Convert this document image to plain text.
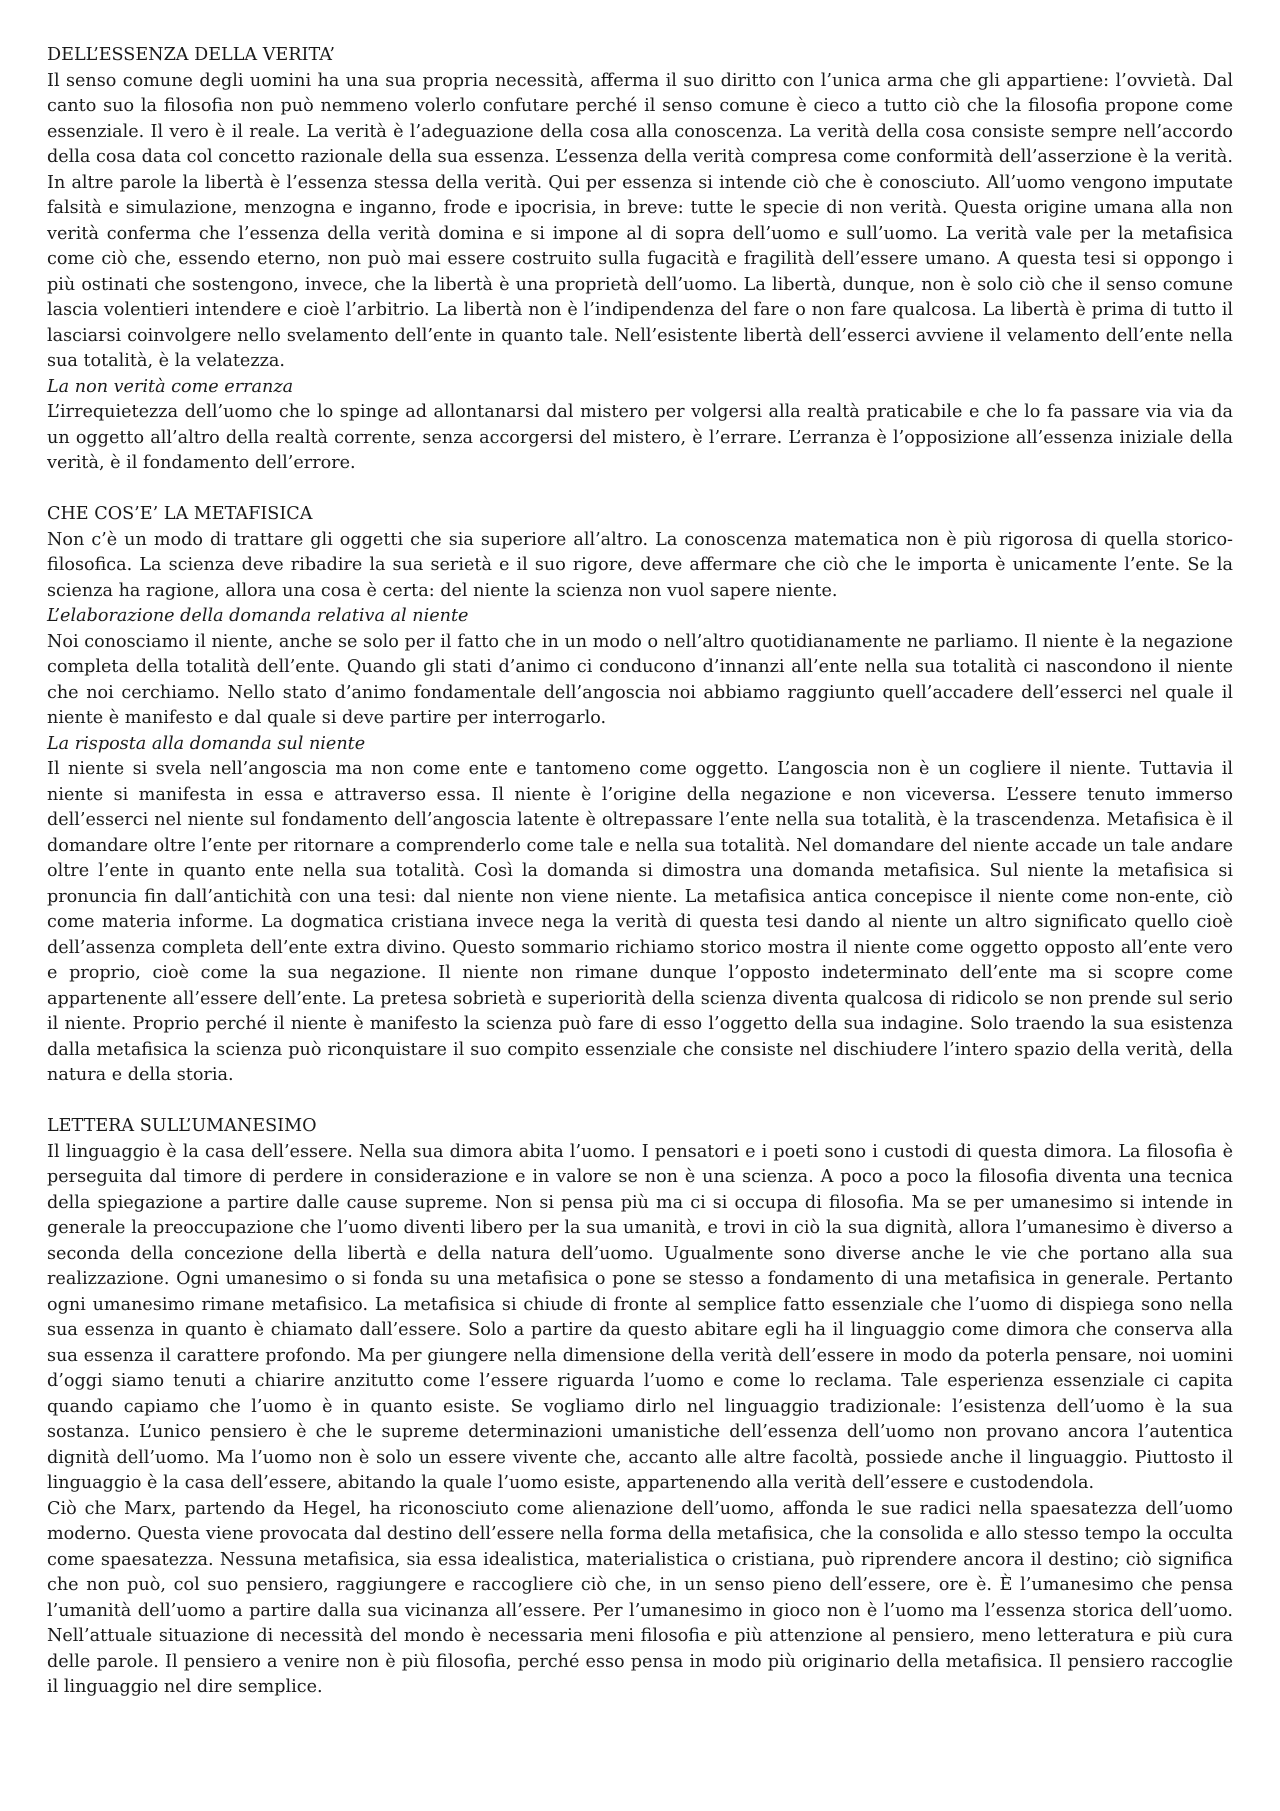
DELL’ESSENZA DELLA VERITA’

Il senso comune degli uomini ha una sua propria necessità, afferma il suo diritto con l’unica arma che gli appartiene: l’ovvietà. Dal canto suo la filosofia non può nemmeno volerlo confutare perché il senso comune è cieco a tutto ciò che la filosofia propone come essenziale. Il vero è il reale. La verità è l’adeguazione della cosa alla conoscenza. La verità della cosa consiste sempre nell’accordo della cosa data col concetto razionale della sua essenza. L’essenza della verità compresa come conformità dell’asserzione è la verità. In altre parole la libertà è l’essenza stessa della verità. Qui per essenza si intende ciò che è conosciuto. All’uomo vengono imputate falsità e simulazione, menzogna e inganno, frode e ipocrisia, in breve: tutte le specie di non verità. Questa origine umana alla non verità conferma che l’essenza della verità domina e si impone al di sopra dell’uomo e sull’uomo. La verità vale per la metafisica come ciò che, essendo eterno, non può mai essere costruito sulla fugacità e fragilità dell’essere umano. A questa tesi si oppongo i più ostinati che sostengono, invece, che la libertà è una proprietà dell’uomo. La libertà, dunque, non è solo ciò che il senso comune lascia volentieri intendere e cioè l’arbitrio. La libertà non è l’indipendenza del fare o non fare qualcosa. La libertà è prima di tutto il lasciarsi coinvolgere nello svelamento dell’ente in quanto tale. Nell’esistente libertà dell’esserci avviene il velamento dell’ente nella sua totalità, è la velatezza.

La non verità come erranza

L’irrequietezza dell’uomo che lo spinge ad allontanarsi dal mistero per volgersi alla realtà praticabile e che lo fa passare via via da un oggetto all’altro della realtà corrente, senza accorgersi del mistero, è l’errare. L’erranza è l’opposizione all’essenza iniziale della verità, è il fondamento dell’errore.

CHE COS’E’ LA METAFISICA

Non c’è un modo di trattare gli oggetti che sia superiore all’altro. La conoscenza matematica non è più rigorosa di quella storico-filosofica. La scienza deve ribadire la sua serietà e il suo rigore, deve affermare che ciò che le importa è unicamente l’ente. Se la scienza ha ragione, allora una cosa è certa: del niente la scienza non vuol sapere niente.

L’elaborazione della domanda relativa al niente

Noi conosciamo il niente, anche se solo per il fatto che in un modo o nell’altro quotidianamente ne parliamo. Il niente è la negazione completa della totalità dell’ente. Quando gli stati d’animo ci conducono d’innanzi all’ente nella sua totalità ci nascondono il niente che noi cerchiamo. Nello stato d’animo fondamentale dell’angoscia noi abbiamo raggiunto quell’accadere dell’esserci nel quale il niente è manifesto e dal quale si deve partire per interrogarlo.

La risposta alla domanda sul niente

Il niente si svela nell’angoscia ma non come ente e tantomeno come oggetto. L’angoscia non è un cogliere il niente. Tuttavia il niente si manifesta in essa e attraverso essa. Il niente è l’origine della negazione e non viceversa. L’essere tenuto immerso dell’esserci nel niente sul fondamento dell’angoscia latente è oltrepassare l’ente nella sua totalità, è la trascendenza. Metafisica è il domandare oltre l’ente per ritornare a comprenderlo come tale e nella sua totalità. Nel domandare del niente accade un tale andare oltre l’ente in quanto ente nella sua totalità. Così la domanda si dimostra una domanda metafisica. Sul niente la metafisica si pronuncia fin dall’antichità con una tesi: dal niente non viene niente. La metafisica antica concepisce il niente come non-ente, ciò come materia informe. La dogmatica cristiana invece nega la verità di questa tesi dando al niente un altro significato quello cioè dell’assenza completa dell’ente extra divino. Questo sommario richiamo storico mostra il niente come oggetto opposto all’ente vero e proprio, cioè come la sua negazione. Il niente non rimane dunque l’opposto indeterminato dell’ente ma si scopre come appartenente all’essere dell’ente. La pretesa sobrietà e superiorità della scienza diventa qualcosa di ridicolo se non prende sul serio il niente. Proprio perché il niente è manifesto la scienza può fare di esso l’oggetto della sua indagine. Solo traendo la sua esistenza dalla metafisica la scienza può riconquistare il suo compito essenziale che consiste nel dischiudere l’intero spazio della verità, della natura e della storia.

LETTERA SULL’UMANESIMO

Il linguaggio è la casa dell’essere. Nella sua dimora abita l’uomo. I pensatori e i poeti sono i custodi di questa dimora. La filosofia è perseguita dal timore di perdere in considerazione e in valore se non è una scienza. A poco a poco la filosofia diventa una tecnica della spiegazione a partire dalle cause supreme. Non si pensa più ma ci si occupa di filosofia. Ma se per umanesimo si intende in generale la preoccupazione che l’uomo diventi libero per la sua umanità, e trovi in ciò la sua dignità, allora l’umanesimo è diverso a seconda della concezione della libertà e della natura dell’uomo. Ugualmente sono diverse anche le vie che portano alla sua realizzazione. Ogni umanesimo o si fonda su una metafisica o pone se stesso a fondamento di una metafisica in generale. Pertanto ogni umanesimo rimane metafisico. La metafisica si chiude di fronte al semplice fatto essenziale che l’uomo di dispiega sono nella sua essenza in quanto è chiamato dall’essere. Solo a partire da questo abitare egli ha il linguaggio come dimora che conserva alla sua essenza il carattere profondo. Ma per giungere nella dimensione della verità dell’essere in modo da poterla pensare, noi uomini d’oggi siamo tenuti a chiarire anzitutto come l’essere riguarda l’uomo e come lo reclama. Tale esperienza essenziale ci capita quando capiamo che l’uomo è in quanto esiste. Se vogliamo dirlo nel linguaggio tradizionale: l’esistenza dell’uomo è la sua sostanza. L’unico pensiero è che le supreme determinazioni umanistiche dell’essenza dell’uomo non provano ancora l’autentica dignità dell’uomo. Ma l’uomo non è solo un essere vivente che, accanto alle altre facoltà, possiede anche il linguaggio. Piuttosto il linguaggio è la casa dell’essere, abitando la quale l’uomo esiste, appartenendo alla verità dell’essere e custodendola.

Ciò che Marx, partendo da Hegel, ha riconosciuto come alienazione dell’uomo, affonda le sue radici nella spaesatezza dell’uomo moderno. Questa viene provocata dal destino dell’essere nella forma della metafisica, che la consolida e allo stesso tempo la occulta come spaesatezza. Nessuna metafisica, sia essa idealistica, materialistica o cristiana, può riprendere ancora il destino; ciò significa che non può, col suo pensiero, raggiungere e raccogliere ciò che, in un senso pieno dell’essere, ore è. È l’umanesimo che pensa l’umanità dell’uomo a partire dalla sua vicinanza all’essere. Per l’umanesimo in gioco non è l’uomo ma l’essenza storica dell’uomo. Nell’attuale situazione di necessità del mondo è necessaria meni filosofia e più attenzione al pensiero, meno letteratura e più cura delle parole. Il pensiero a venire non è più filosofia, perché esso pensa in modo più originario della metafisica. Il pensiero raccoglie il linguaggio nel dire semplice.
